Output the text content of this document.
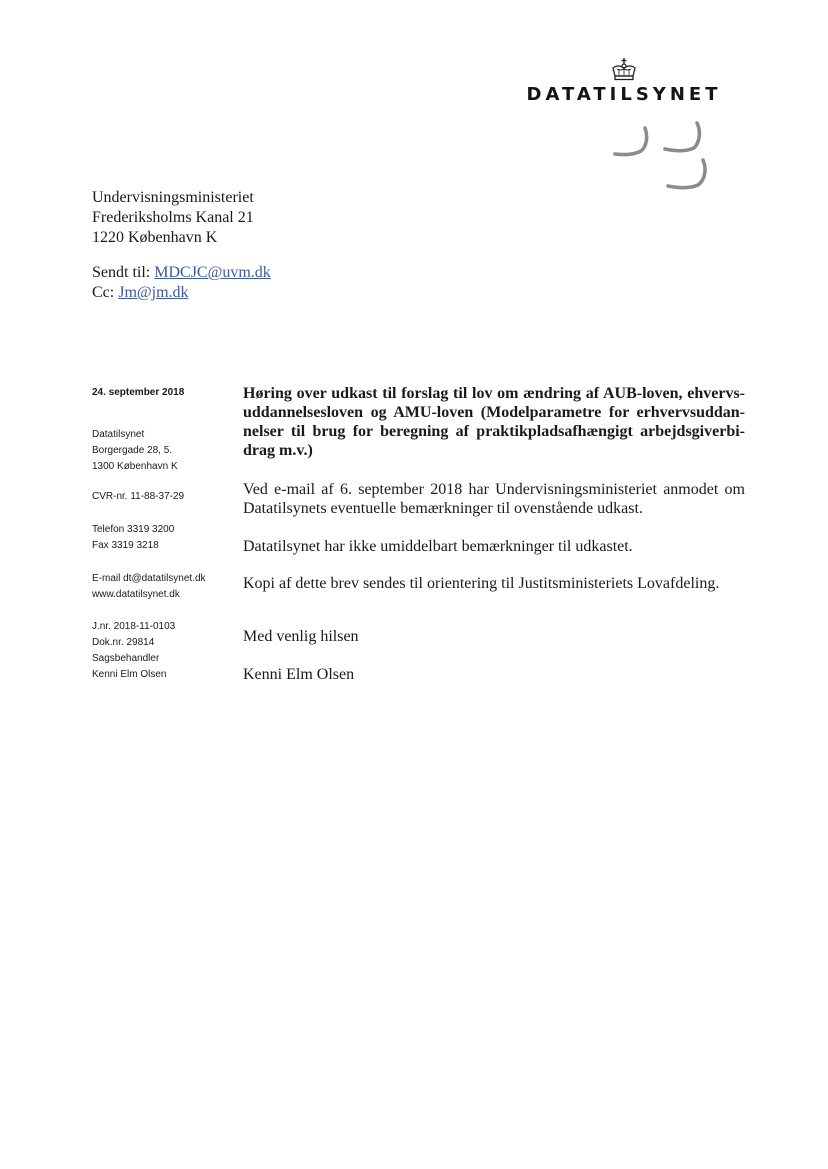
DATATILSYNET
Undervisningsministeriet
Frederiksholms Kanal 21
1220 København K
Sendt til: MDCJC@uvm.dk
Cc: Jm@jm.dk
24. september 2018
Datatilsynet
Borgergade 28, 5.
1300 København K
CVR-nr. 11-88-37-29
Telefon 3319 3200
Fax 3319 3218
E-mail dt@datatilsynet.dk
www.datatilsynet.dk
J.nr. 2018-11-0103
Dok.nr. 29814
Sagsbehandler
Kenni Elm Olsen

Høring over udkast til forslag til lov om ændring af AUB-loven, ehvervsuddannelsesloven og AMU-loven (Modelparametre for erhvervsuddannelser til brug for beregning af praktikpladsafhængigt arbejdsgiverbidrag m.v.)

Ved e-mail af 6. september 2018 har Undervisningsministeriet anmodet om Datatilsynets eventuelle bemærkninger til ovenstående udkast.

Datatilsynet har ikke umiddelbart bemærkninger til udkastet.

Kopi af dette brev sendes til orientering til Justitsministeriets Lovafdeling.

Med venlig hilsen

Kenni Elm Olsen
